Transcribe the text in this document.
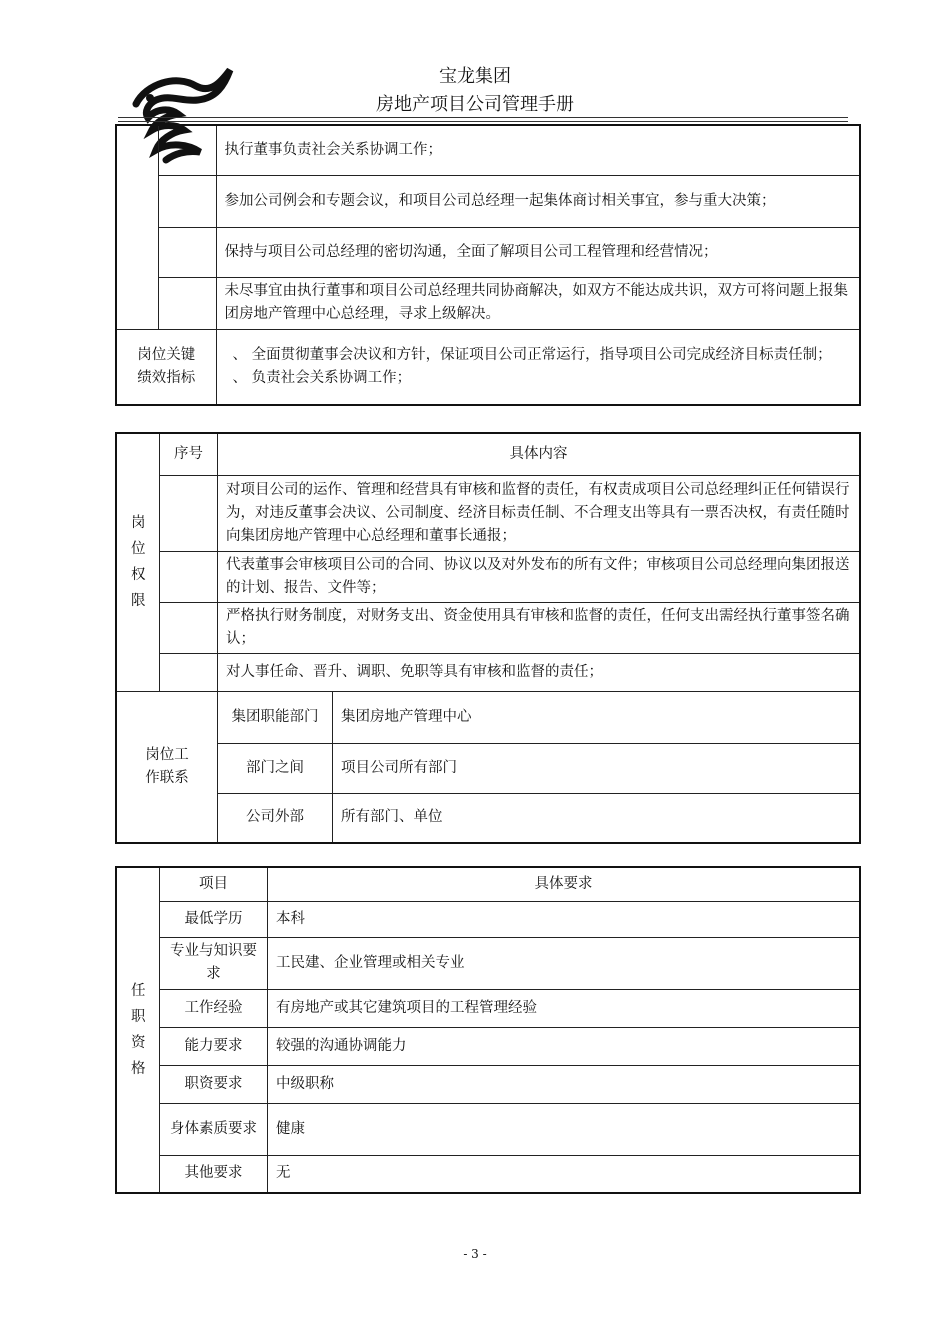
宝龙集团
房地产项目公司管理手册
		执行董事负责社会关系协调工作；
		参加公司例会和专题会议，和项目公司总经理一起集体商讨相关事宜，参与重大决策；
		保持与项目公司总经理的密切沟通，全面了解项目公司工程管理和经营情况；
		未尽事宜由执行董事和项目公司总经理共同协商解决，如双方不能达成共识，双方可将问题上报集团房地产管理中心总经理，寻求上级解决。
岗位关键绩效指标		、 全面贯彻董事会决议和方针，保证项目公司正常运行，指导项目公司完成经济目标责任制；
、 负责社会关系协调工作；
岗位权限	序号	具体内容	
		对项目公司的运作、管理和经营具有审核和监督的责任，有权责成项目公司总经理纠正任何错误行为，对违反董事会决议、公司制度、经济目标责任制、不合理支出等具有一票否决权，有责任随时向集团房地产管理中心总经理和董事长通报；	
		代表董事会审核项目公司的合同、协议以及对外发布的所有文件；审核项目公司总经理向集团报送的计划、报告、文件等；	
		严格执行财务制度，对财务支出、资金使用具有审核和监督的责任，任何支出需经执行董事签名确认；	
		对人事任命、晋升、调职、免职等具有审核和监督的责任；	
岗位工作联系		集团职能部门	集团房地产管理中心
		部门之间	项目公司所有部门
		公司外部	所有部门、单位
任职资格	项目	具体要求
	最低学历	本科
	专业与知识要求	工民建、企业管理或相关专业
	工作经验	有房地产或其它建筑项目的工程管理经验
	能力要求	较强的沟通协调能力
	职资要求	中级职称
	身体素质要求	健康
	其他要求	无
- 3 -
